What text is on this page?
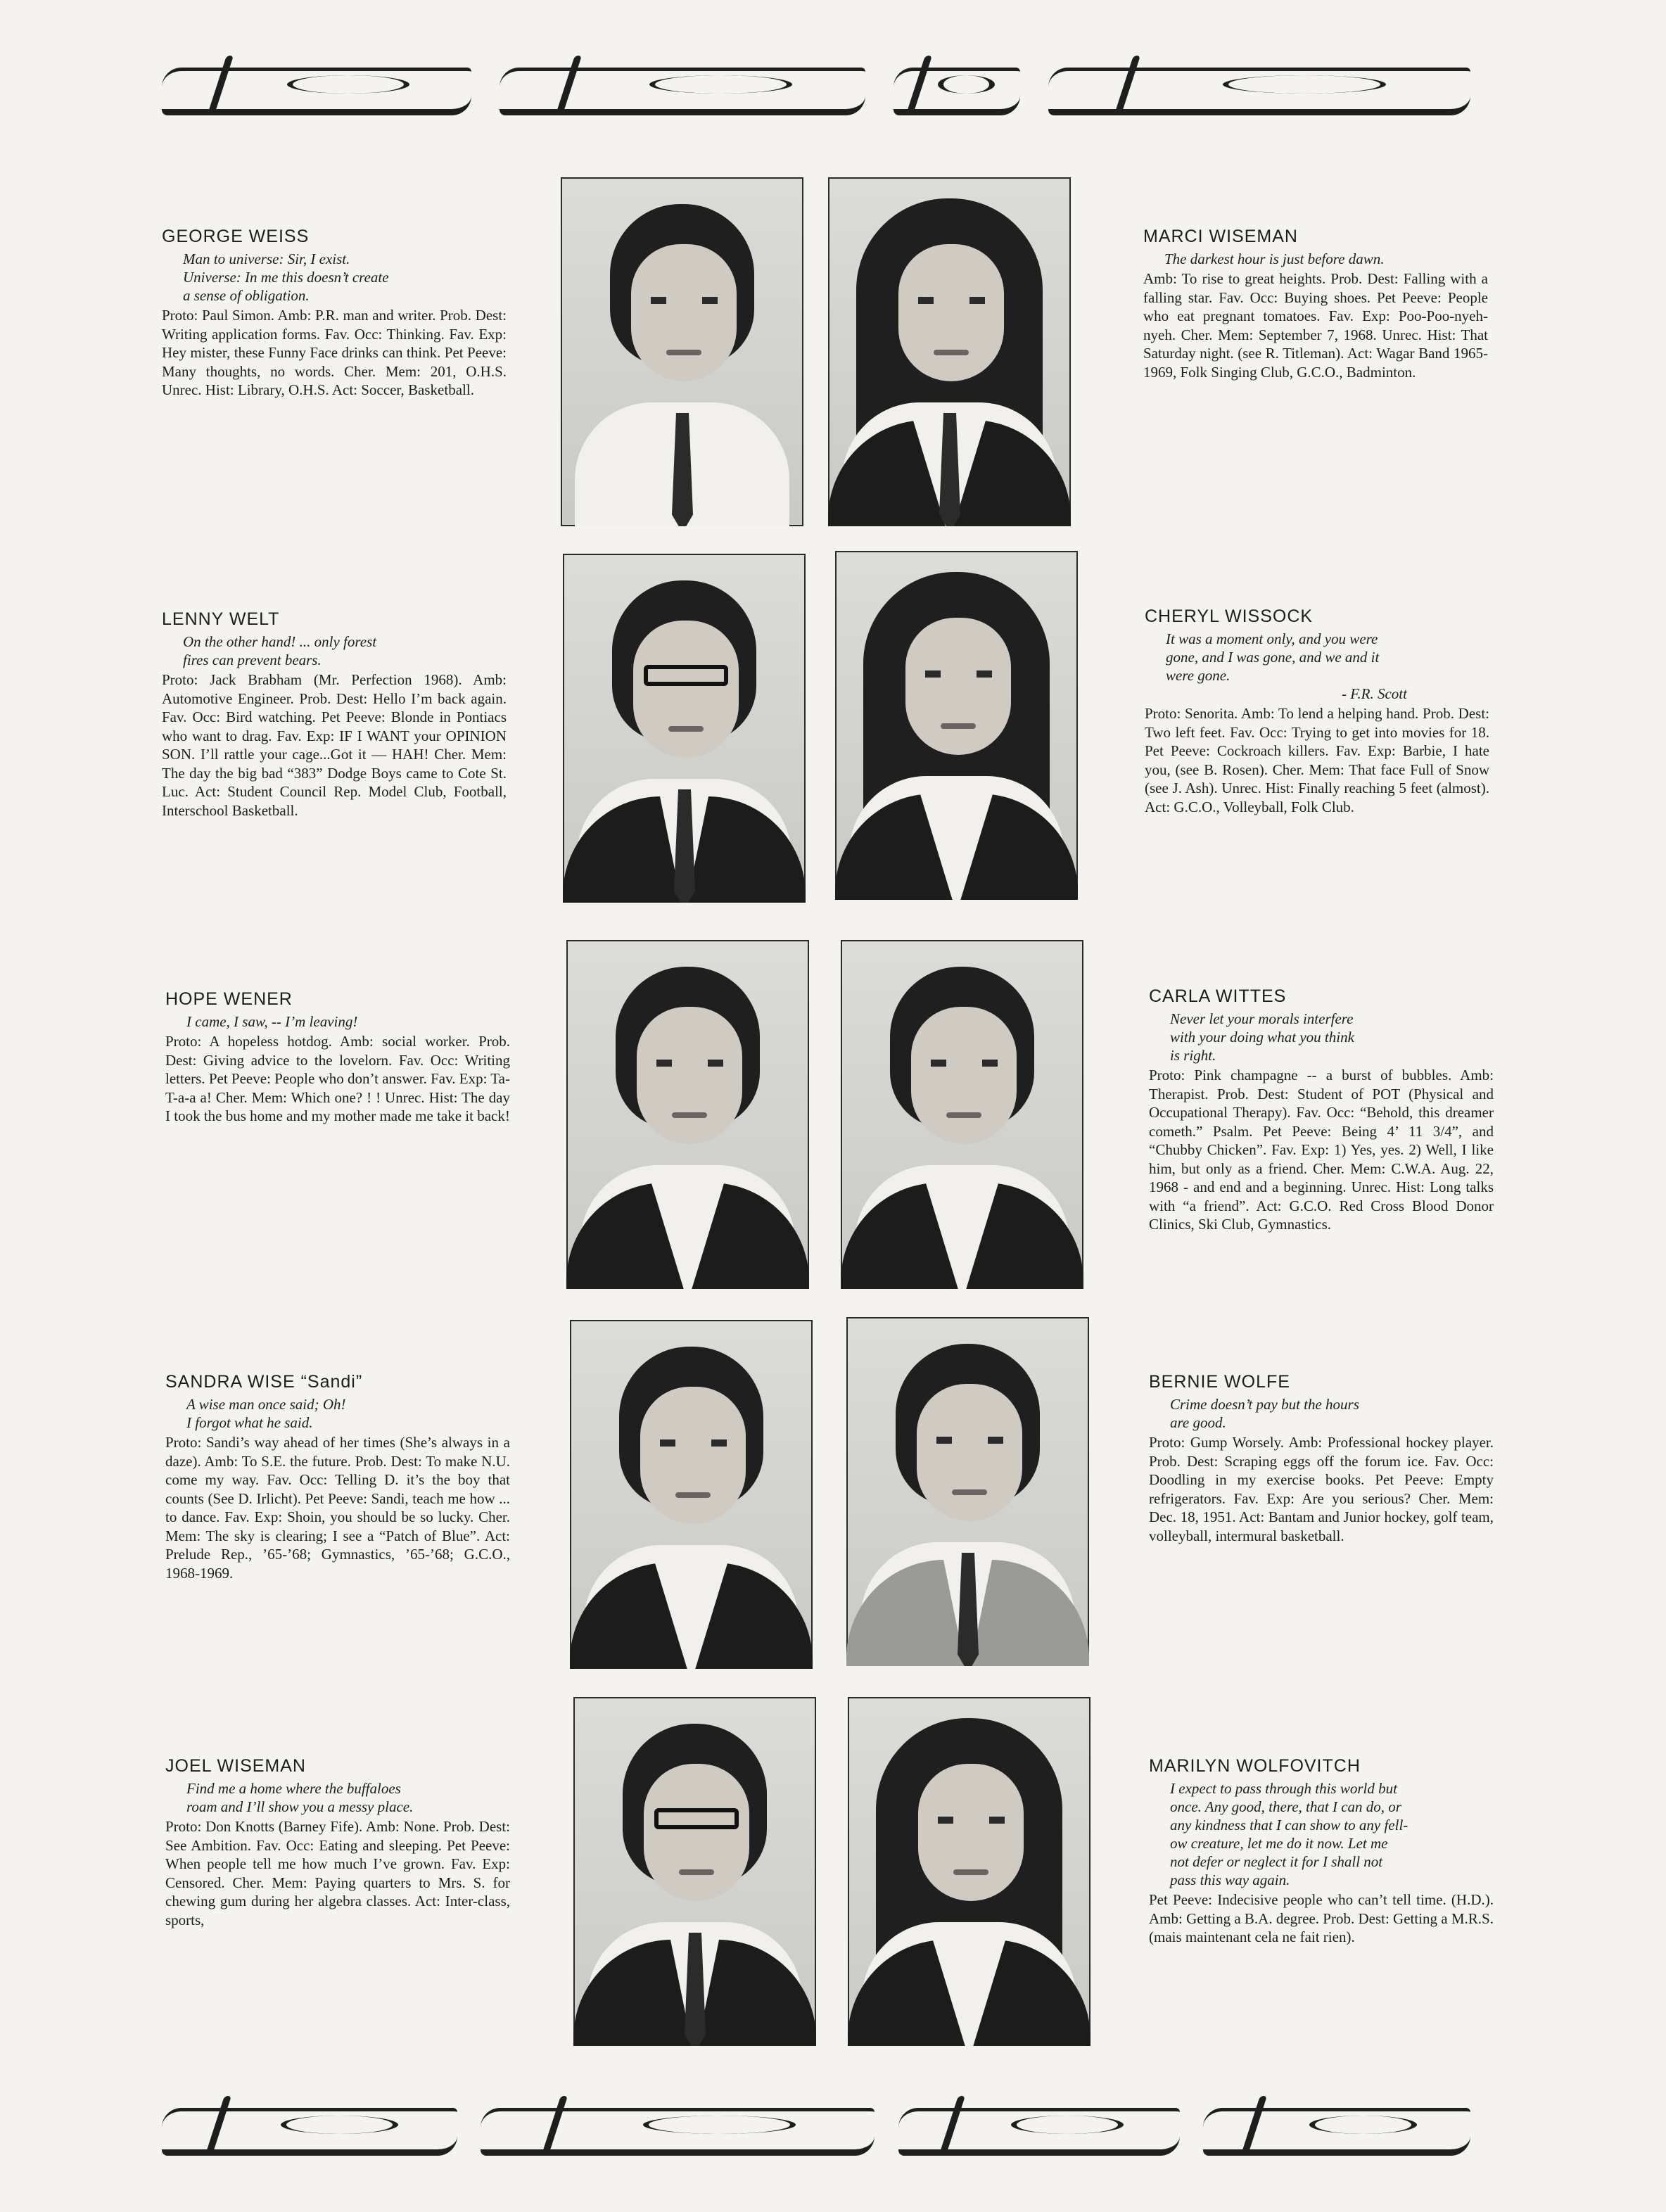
GEORGE WEISS

Man to universe: Sir, I exist.
Universe: In me this doesn’t create
a sense of obligation.

Proto: Paul Simon. Amb: P.R. man and writer. Prob. Dest: Writing application forms. Fav. Occ: Thinking. Fav. Exp: Hey mister, these Funny Face drinks can think. Pet Peeve: Many thoughts, no words. Cher. Mem: 201, O.H.S. Unrec. Hist: Library, O.H.S. Act: Soccer, Basketball.

MARCI WISEMAN

The darkest hour is just before dawn.

Amb: To rise to great heights. Prob. Dest: Falling with a falling star. Fav. Occ: Buying shoes. Pet Peeve: People who eat pregnant tomatoes. Fav. Exp: Poo-Poo-nyeh-nyeh. Cher. Mem: September 7, 1968. Unrec. Hist: That Saturday night. (see R. Titleman). Act: Wagar Band 1965-1969, Folk Singing Club, G.C.O., Badminton.

LENNY WELT

On the other hand! ... only forest
fires can prevent bears.

Proto: Jack Brabham (Mr. Perfection 1968). Amb: Automotive Engineer. Prob. Dest: Hello I’m back again. Fav. Occ: Bird watching. Pet Peeve: Blonde in Pontiacs who want to drag. Fav. Exp: IF I WANT your OPINION SON. I’ll rattle your cage...Got it — HAH! Cher. Mem: The day the big bad “383” Dodge Boys came to Cote St. Luc. Act: Student Council Rep. Model Club, Football, Interschool Basketball.

CHERYL WISSOCK

It was a moment only, and you were
gone, and I was gone, and we and it
were gone.
- F.R. Scott

Proto: Senorita. Amb: To lend a helping hand. Prob. Dest: Two left feet. Fav. Occ: Trying to get into movies for 18. Pet Peeve: Cockroach killers. Fav. Exp: Barbie, I hate you, (see B. Rosen). Cher. Mem: That face Full of Snow (see J. Ash). Unrec. Hist: Finally reaching 5 feet (almost). Act: G.C.O., Volleyball, Folk Club.

HOPE WENER

I came, I saw, -- I’m leaving!

Proto: A hopeless hotdog. Amb: social worker. Prob. Dest: Giving advice to the lovelorn. Fav. Occ: Writing letters. Pet Peeve: People who don’t answer. Fav. Exp: Ta-T-a-a a! Cher. Mem: Which one? ! ! Unrec. Hist: The day I took the bus home and my mother made me take it back!

CARLA WITTES

Never let your morals interfere
with your doing what you think
is right.

Proto: Pink champagne -- a burst of bubbles. Amb: Therapist. Prob. Dest: Student of POT (Physical and Occupational Therapy). Fav. Occ: “Behold, this dreamer cometh.” Psalm. Pet Peeve: Being 4’ 11 3/4”, and “Chubby Chicken”. Fav. Exp: 1) Yes, yes. 2) Well, I like him, but only as a friend. Cher. Mem: C.W.A. Aug. 22, 1968 - and end and a beginning. Unrec. Hist: Long talks with “a friend”. Act: G.C.O. Red Cross Blood Donor Clinics, Ski Club, Gymnastics.

SANDRA WISE “Sandi”

A wise man once said; Oh!
I forgot what he said.

Proto: Sandi’s way ahead of her times (She’s always in a daze). Amb: To S.E. the future. Prob. Dest: To make N.U. come my way. Fav. Occ: Telling D. it’s the boy that counts (See D. Irlicht). Pet Peeve: Sandi, teach me how ... to dance. Fav. Exp: Shoin, you should be so lucky. Cher. Mem: The sky is clearing; I see a “Patch of Blue”. Act: Prelude Rep., ’65-’68; Gymnastics, ’65-’68; G.C.O., 1968-1969.

BERNIE WOLFE

Crime doesn’t pay but the hours
are good.

Proto: Gump Worsely. Amb: Professional hockey player. Prob. Dest: Scraping eggs off the forum ice. Fav. Occ: Doodling in my exercise books. Pet Peeve: Empty refrigerators. Fav. Exp: Are you serious? Cher. Mem: Dec. 18, 1951. Act: Bantam and Junior hockey, golf team, volleyball, intermural basketball.

JOEL WISEMAN

Find me a home where the buffaloes
roam and I’ll show you a messy place.

Proto: Don Knotts (Barney Fife). Amb: None. Prob. Dest: See Ambition. Fav. Occ: Eating and sleeping. Pet Peeve: When people tell me how much I’ve grown. Fav. Exp: Censored. Cher. Mem: Paying quarters to Mrs. S. for chewing gum during her algebra classes. Act: Inter-class, sports,

MARILYN WOLFOVITCH

I expect to pass through this world but
once. Any good, there, that I can do, or
any kindness that I can show to any fell-
ow creature, let me do it now. Let me
not defer or neglect it for I shall not
pass this way again.

Pet Peeve: Indecisive people who can’t tell time. (H.D.). Amb: Getting a B.A. degree. Prob. Dest: Getting a M.R.S. (mais maintenant cela ne fait rien).
